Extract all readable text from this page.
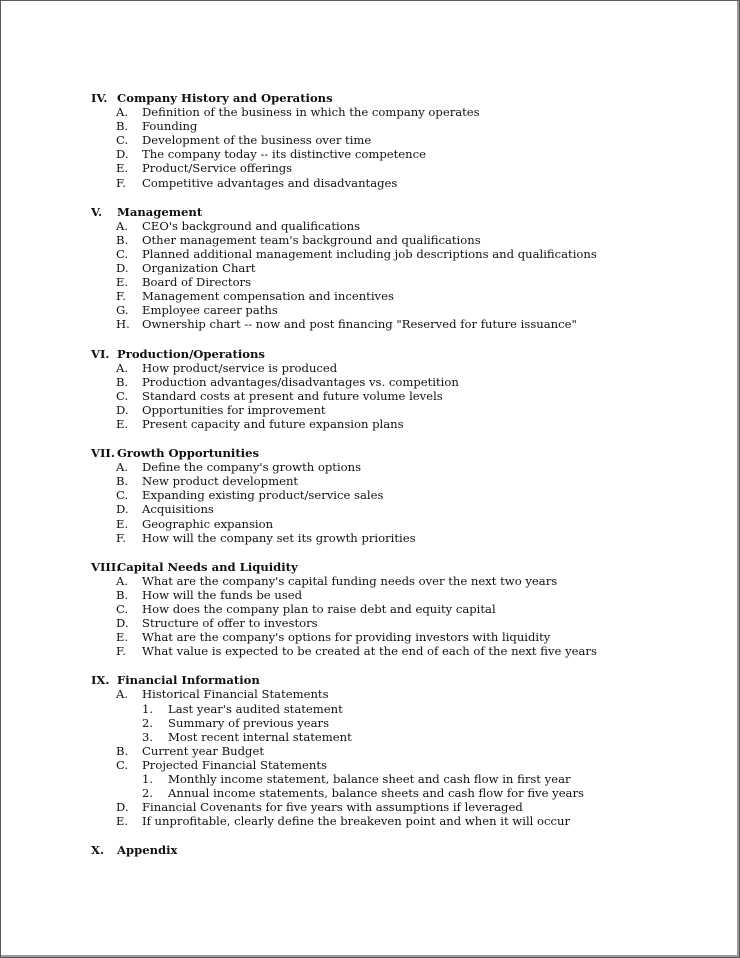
IV. Company History and Operations
A. Definition of the business in which the company operates
B. Founding
C. Development of the business over time
D. The company today -- its distinctive competence
E. Product/Service offerings
F. Competitive advantages and disadvantages
V. Management
A. CEO's background and qualifications
B. Other management team's background and qualifications
C. Planned additional management including job descriptions and qualifications
D. Organization Chart
E. Board of Directors
F. Management compensation and incentives
G. Employee career paths
H. Ownership chart -- now and post financing "Reserved for future issuance"
VI. Production/Operations
A. How product/service is produced
B. Production advantages/disadvantages vs. competition
C. Standard costs at present and future volume levels
D. Opportunities for improvement
E. Present capacity and future expansion plans
VII. Growth Opportunities
A. Define the company's growth options
B. New product development
C. Expanding existing product/service sales
D. Acquisitions
E. Geographic expansion
F. How will the company set its growth priorities
VIII.Capital Needs and Liquidity
A. What are the company's capital funding needs over the next two years
B. How will the funds be used
C. How does the company plan to raise debt and equity capital
D. Structure of offer to investors
E. What are the company's options for providing investors with liquidity
F. What value is expected to be created at the end of each of the next five years
IX. Financial Information
A. Historical Financial Statements
1. Last year's audited statement
2. Summary of previous years
3. Most recent internal statement
B. Current year Budget
C. Projected Financial Statements
1. Monthly income statement, balance sheet and cash flow in first year
2. Annual income statements, balance sheets and cash flow for five years
D. Financial Covenants for five years with assumptions if leveraged
E. If unprofitable, clearly define the breakeven point and when it will occur
X. Appendix
